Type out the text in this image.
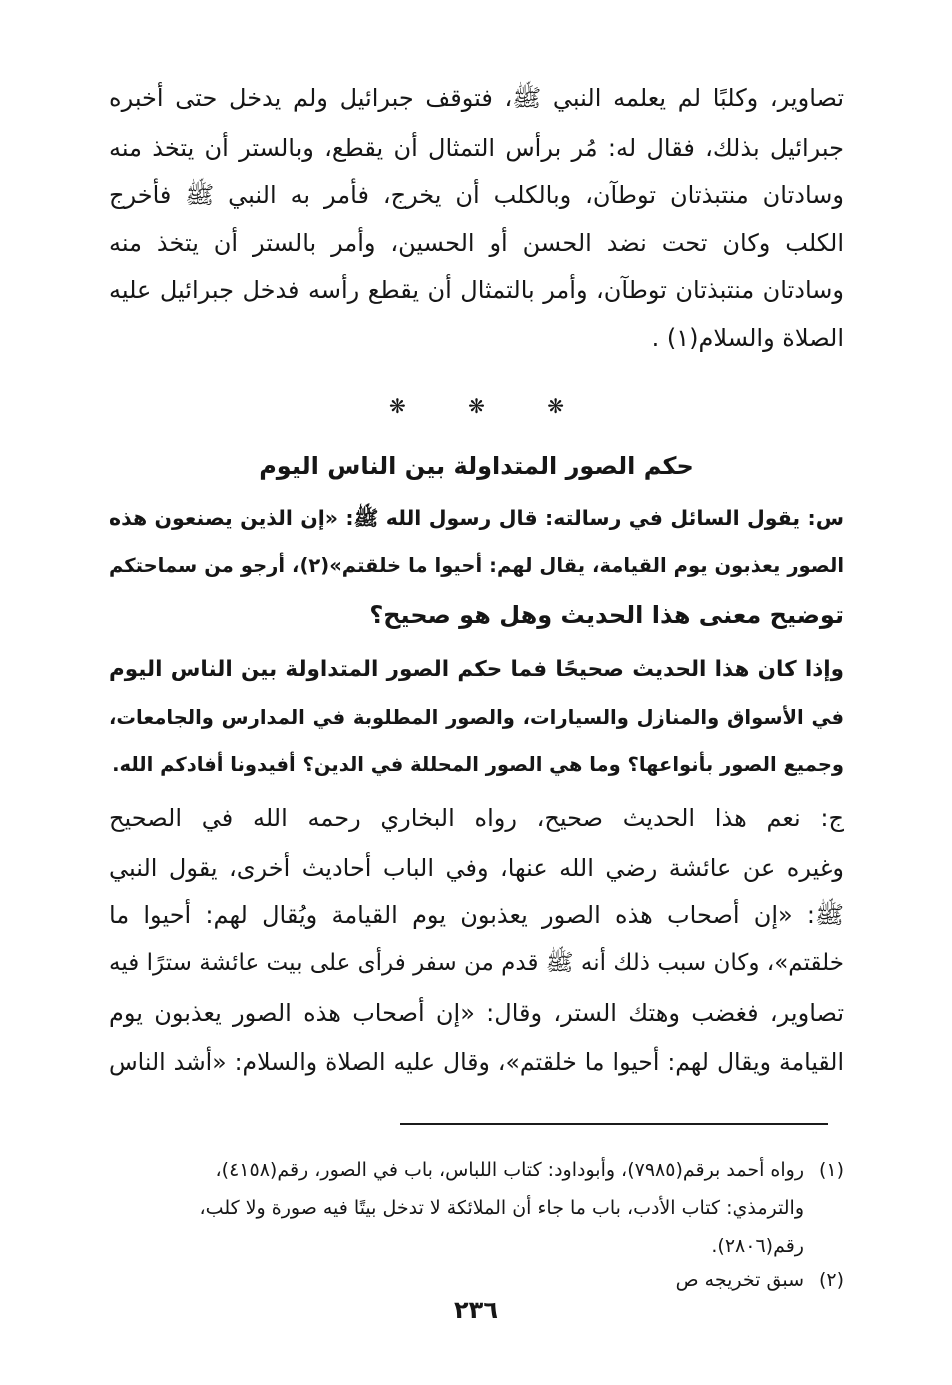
تصاوير، وكلبًا لم يعلمه النبي ﷺ، فتوقف جبرائيل ولم يدخل حتى أخبره
جبرائيل بذلك، فقال له: مُر برأس التمثال أن يقطع، وبالستر أن يتخذ منه
وسادتان منتبذتان توطآن، وبالكلب أن يخرج، فأمر به النبي ﷺ فأخرج
الكلب وكان تحت نضد الحسن أو الحسين، وأمر بالستر أن يتخذ منه
وسادتان منتبذتان توطآن، وأمر بالتمثال أن يقطع رأسه فدخل جبرائيل عليه
الصلاة والسلام(١) .
❋	❋	❋
حكم الصور المتداولة بين الناس اليوم
س: يقول السائل في رسالته: قال رسول الله ﷺ: «إن الذين يصنعون هذه
الصور يعذبون يوم القيامة، يقال لهم: أحيوا ما خلقتم»(٢)، أرجو من سماحتكم
توضيح معنى هذا الحديث وهل هو صحيح؟
وإذا كان هذا الحديث صحيحًا فما حكم الصور المتداولة بين الناس اليوم
في الأسواق والمنازل والسيارات، والصور المطلوبة في المدارس والجامعات،
وجميع الصور بأنواعها؟ وما هي الصور المحللة في الدين؟ أفيدونا أفادكم الله.
ج: نعم هذا الحديث صحيح، رواه البخاري رحمه الله في الصحيح
وغيره عن عائشة رضي الله عنها، وفي الباب أحاديث أخرى، يقول النبي
ﷺ: «إن أصحاب هذه الصور يعذبون يوم القيامة ويُقال لهم: أحيوا ما
خلقتم»، وكان سبب ذلك أنه ﷺ قدم من سفر فرأى على بيت عائشة سترًا فيه
تصاوير، فغضب وهتك الستر، وقال: «إن أصحاب هذه الصور يعذبون يوم
القيامة ويقال لهم: أحيوا ما خلقتم»، وقال عليه الصلاة والسلام: «أشد الناس
(١)رواه أحمد برقم(٧٩٨٥)، وأبوداود: كتاب اللباس، باب في الصور، رقم(٤١٥٨)،
والترمذي: كتاب الأدب، باب ما جاء أن الملائكة لا تدخل بيتًا فيه صورة ولا كلب،
رقم(٢٨٠٦).
(٢)سبق تخريجه ص
٢٣٦
